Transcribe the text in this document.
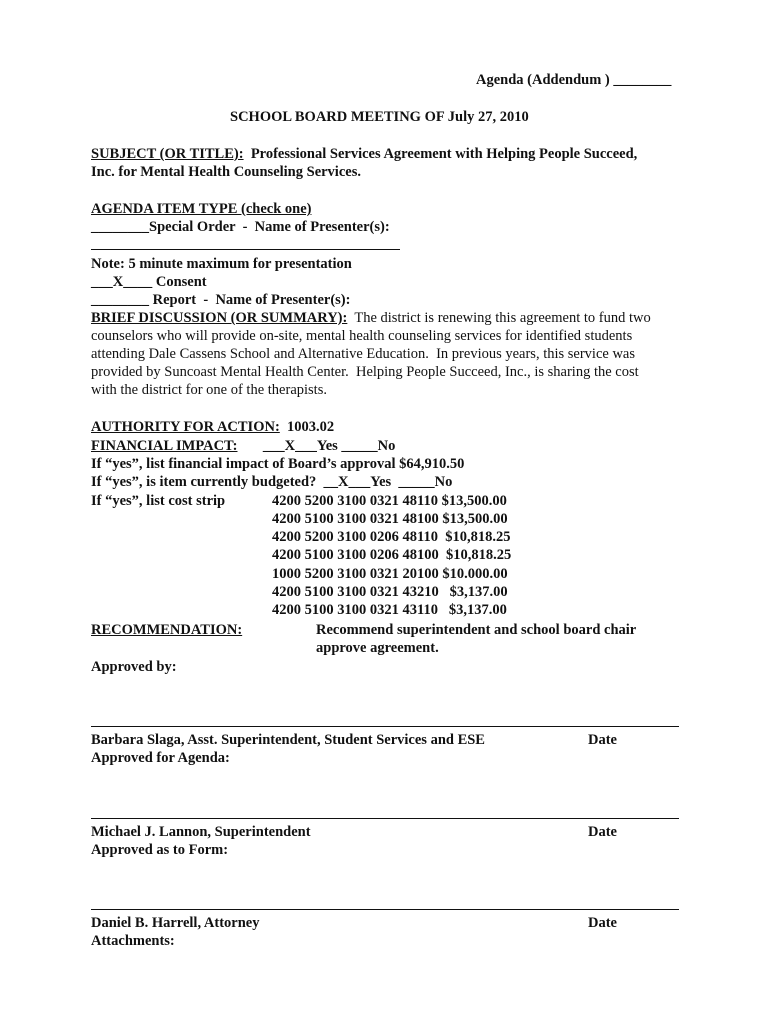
Agenda (Addendum ) ________
SCHOOL BOARD MEETING OF July 27, 2010
SUBJECT (OR TITLE):  Professional Services Agreement with Helping People Succeed,
Inc. for Mental Health Counseling Services.
AGENDA ITEM TYPE (check one)
________Special Order  -  Name of Presenter(s):
Note: 5 minute maximum for presentation
___X____ Consent
________ Report  -  Name of Presenter(s):
BRIEF DISCUSSION (OR SUMMARY):  The district is renewing this agreement to fund two
counselors who will provide on-site, mental health counseling services for identified students
attending Dale Cassens School and Alternative Education.  In previous years, this service was
provided by Suncoast Mental Health Center.  Helping People Succeed, Inc., is sharing the cost
with the district for one of the therapists.
AUTHORITY FOR ACTION:  1003.02
FINANCIAL IMPACT:       ___X___Yes _____No
If “yes”, list financial impact of Board’s approval $64,910.50
If “yes”, is item currently budgeted?  __X___Yes  _____No
If “yes”, list cost strip	4200 5200 3100 0321 48110 $13,500.00
4200 5100 3100 0321 48100 $13,500.00
4200 5200 3100 0206 48110  $10,818.25
4200 5100 3100 0206 48100  $10,818.25
1000 5200 3100 0321 20100 $10.000.00
4200 5100 3100 0321 43210   $3,137.00
4200 5100 3100 0321 43110   $3,137.00
RECOMMENDATION:	Recommend superintendent and school board chair
approve agreement.
Approved by:
Barbara Slaga, Asst. Superintendent, Student Services and ESE	Date
Approved for Agenda:
Michael J. Lannon, Superintendent	Date
Approved as to Form:
Daniel B. Harrell, Attorney	Date
Attachments:
